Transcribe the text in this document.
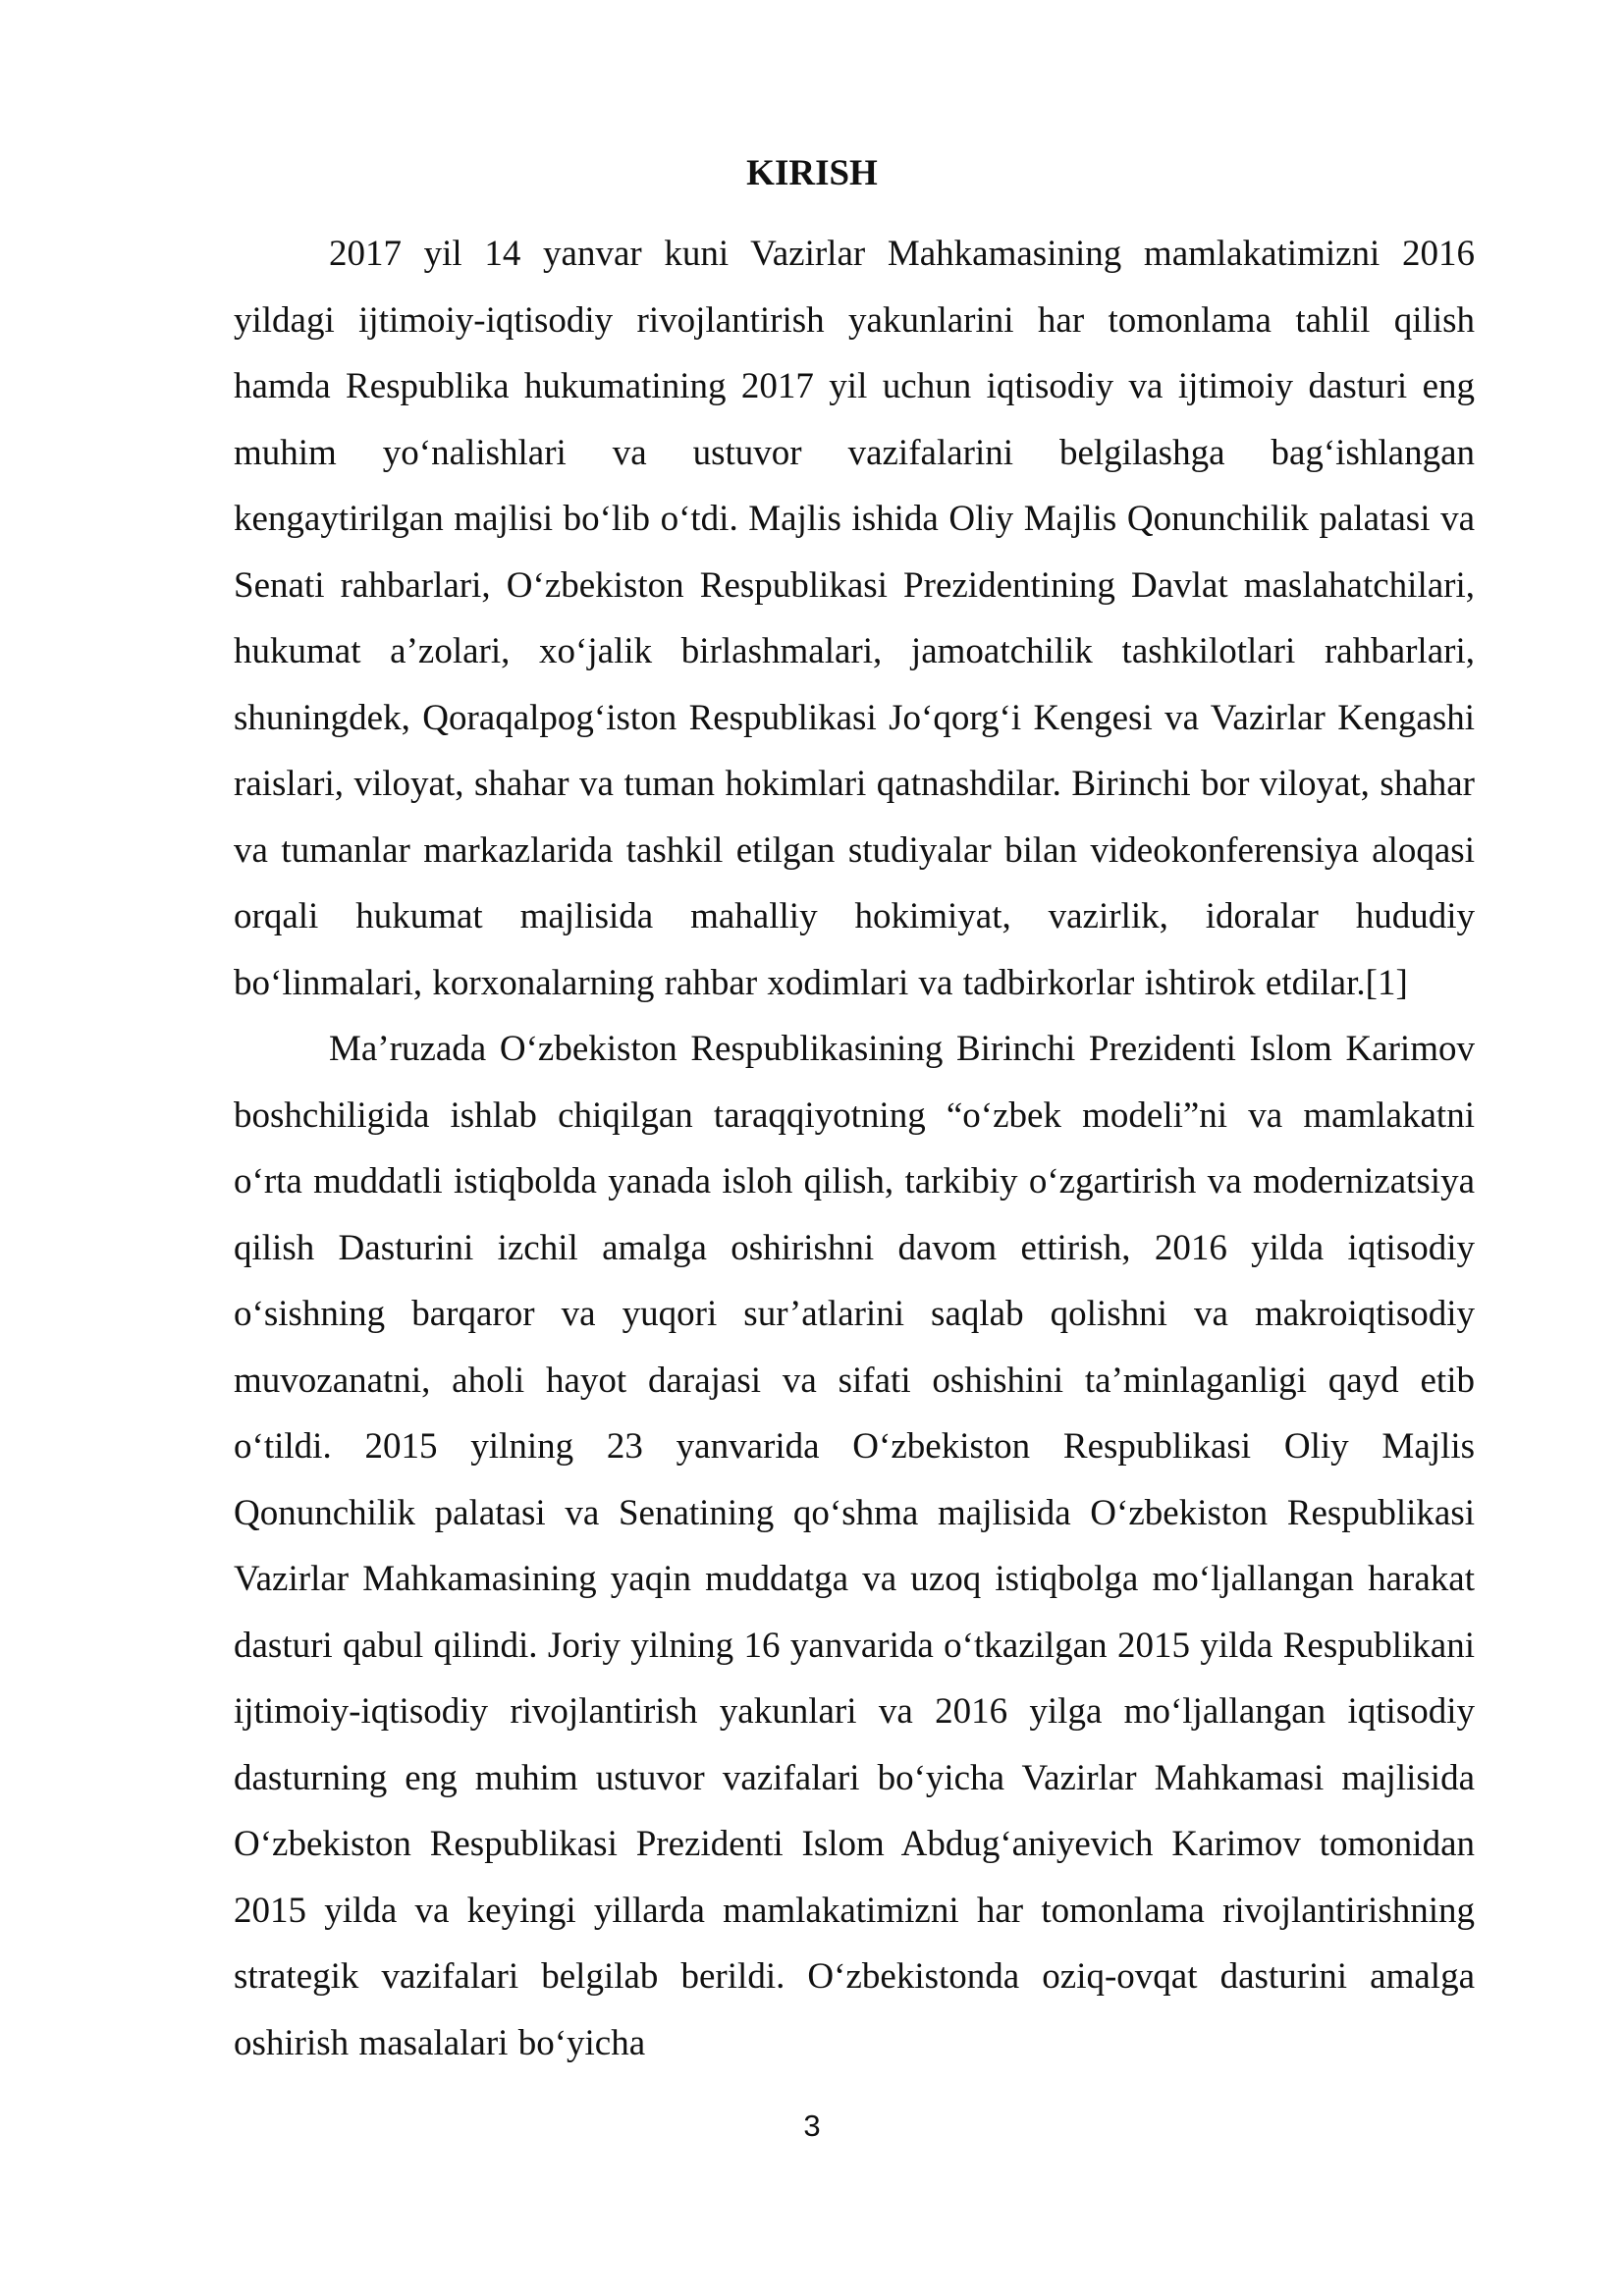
KIRISH

2017 yil 14 yanvar kuni Vazirlar Mahkamasining mamlakatimizni 2016 yildagi ijtimoiy-iqtisodiy rivojlantirish yakunlarini har tomonlama tahlil qilish hamda Respublika hukumatining 2017 yil uchun iqtisodiy va ijtimoiy dasturi eng muhim yo‘nalishlari va ustuvor vazifalarini belgilashga bag‘ishlangan kengaytirilgan majlisi bo‘lib o‘tdi. Majlis ishida Oliy Majlis Qonunchilik palatasi va Senati rahbarlari, O‘zbekiston Respublikasi Prezidentining Davlat maslahatchilari, hukumat a’zolari, xo‘jalik birlashmalari, jamoatchilik tashkilotlari rahbarlari, shuningdek, Qoraqalpog‘iston Respublikasi Jo‘qorg‘i Kengesi va Vazirlar Kengashi raislari, viloyat, shahar va tuman hokimlari qatnashdilar. Birinchi bor viloyat, shahar va tumanlar markazlarida tashkil etilgan studiyalar bilan videokonferensiya aloqasi orqali hukumat majlisida mahalliy hokimiyat, vazirlik, idoralar hududiy bo‘linmalari, korxonalarning rahbar xodimlari va tadbirkorlar ishtirok etdilar.[1]

Ma’ruzada O‘zbekiston Respublikasining Birinchi Prezidenti Islom Karimov boshchiligida ishlab chiqilgan taraqqiyotning “o‘zbek modeli”ni va mamlakatni o‘rta muddatli istiqbolda yanada isloh qilish, tarkibiy o‘zgartirish va modernizatsiya qilish Dasturini izchil amalga oshirishni davom ettirish, 2016 yilda iqtisodiy o‘sishning barqaror va yuqori sur’atlarini saqlab qolishni va makroiqtisodiy muvozanatni, aholi hayot darajasi va sifati oshishini ta’minlaganligi qayd etib o‘tildi. 2015 yilning 23 yanvarida O‘zbekiston Respublikasi Oliy Majlis Qonunchilik palatasi va Senatining qo‘shma majlisida O‘zbekiston Respublikasi Vazirlar Mahkamasining yaqin muddatga va uzoq istiqbolga mo‘ljallangan harakat dasturi qabul qilindi. Joriy yilning 16 yanvarida o‘tkazilgan 2015 yilda Respublikani ijtimoiy-iqtisodiy rivojlantirish yakunlari va 2016 yilga mo‘ljallangan iqtisodiy dasturning eng muhim ustuvor vazifalari bo‘yicha Vazirlar Mahkamasi majlisida O‘zbekiston Respublikasi Prezidenti Islom Abdug‘aniyevich Karimov tomonidan 2015 yilda va keyingi yillarda mamlakatimizni har tomonlama rivojlantirishning strategik vazifalari belgilab berildi. O‘zbekistonda oziq-ovqat dasturini amalga oshirish masalalari bo‘yicha

3
